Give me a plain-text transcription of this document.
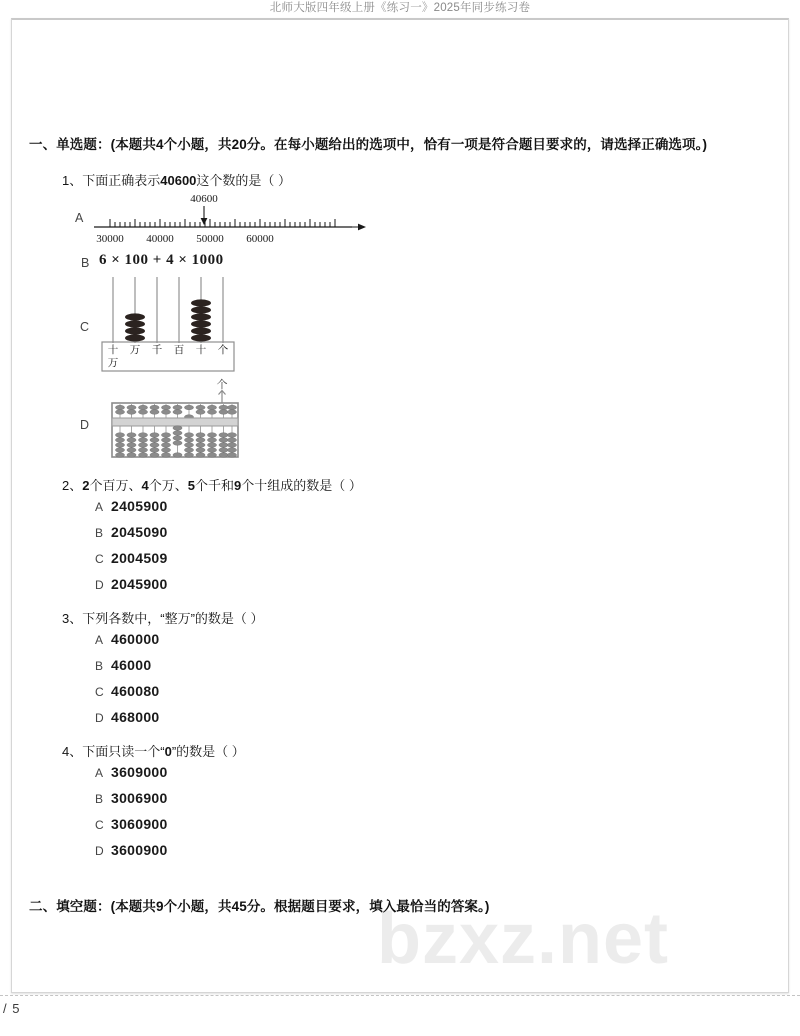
北师大版四年级上册《练习一》2025年同步练习卷
bzxz.net
一、单选题：(本题共4个小题，共20分。在每小题给出的选项中，恰有一项是符合题目要求的，请选择正确选项。)
1、下面正确表示40600这个数的是（ ）
A
40600
30000 40000 50000 60000
B 6 × 100 + 4 × 1000
C
十
万
万 千 百 十 个
D
个
2、2个百万、4个万、5个千和9个十组成的数是（ ）
A 2405900
B 2045090
C 2004509
D 2045900
3、下列各数中，“整万”的数是（ ）
A 460000
B 46000
C 460080
D 468000
4、下面只读一个“0”的数是（ ）
A 3609000
B 3006900
C 3060900
D 3600900
二、填空题：(本题共9个小题，共45分。根据题目要求，填入最恰当的答案。)
/ 5
